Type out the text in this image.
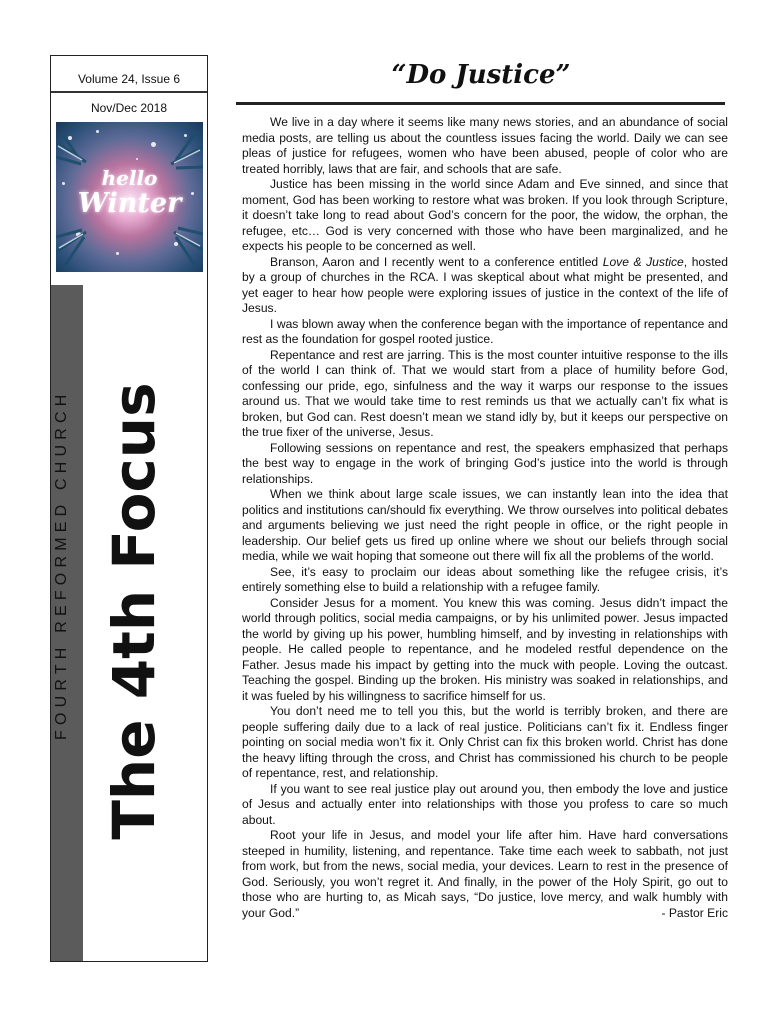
Volume 24, Issue 6
Nov/Dec 2018
hello
Winter
FOURTH REFORMED CHURCH The 4th Focus
“Do Justice”

We live in a day where it seems like many news stories, and an abundance of social media posts, are telling us about the countless issues facing the world. Daily we can see pleas of justice for refugees, women who have been abused, people of color who are treated horribly, laws that are fair, and schools that are safe.

Justice has been missing in the world since Adam and Eve sinned, and since that moment, God has been working to restore what was broken. If you look through Scripture, it doesn’t take long to read about God’s concern for the poor, the widow, the orphan, the refugee, etc… God is very concerned with those who have been marginalized, and he expects his people to be concerned as well.

Branson, Aaron and I recently went to a conference entitled Love & Justice, hosted by a group of churches in the RCA. I was skeptical about what might be presented, and yet eager to hear how people were exploring issues of justice in the context of the life of Jesus.

I was blown away when the conference began with the importance of repentance and rest as the foundation for gospel rooted justice.

Repentance and rest are jarring. This is the most counter intuitive response to the ills of the world I can think of. That we would start from a place of humility before God, confessing our pride, ego, sinfulness and the way it warps our response to the issues around us. That we would take time to rest reminds us that we actually can’t fix what is broken, but God can. Rest doesn’t mean we stand idly by, but it keeps our perspective on the true fixer of the universe, Jesus.

Following sessions on repentance and rest, the speakers emphasized that perhaps the best way to engage in the work of bringing God’s justice into the world is through relationships.

When we think about large scale issues, we can instantly lean into the idea that politics and institutions can/should fix everything. We throw ourselves into political debates and arguments believing we just need the right people in office, or the right people in leadership. Our belief gets us fired up online where we shout our beliefs through social media, while we wait hoping that someone out there will fix all the problems of the world.

See, it’s easy to proclaim our ideas about something like the refugee crisis, it’s entirely something else to build a relationship with a refugee family.

Consider Jesus for a moment. You knew this was coming. Jesus didn’t impact the world through politics, social media campaigns, or by his unlimited power. Jesus impacted the world by giving up his power, humbling himself, and by investing in relationships with people. He called people to repentance, and he modeled restful dependence on the Father. Jesus made his impact by getting into the muck with people. Loving the outcast. Teaching the gospel. Binding up the broken. His ministry was soaked in relationships, and it was fueled by his willingness to sacrifice himself for us.

You don’t need me to tell you this, but the world is terribly broken, and there are people suffering daily due to a lack of real justice. Politicians can’t fix it. Endless finger pointing on social media won’t fix it. Only Christ can fix this broken world. Christ has done the heavy lifting through the cross, and Christ has commissioned his church to be people of repentance, rest, and relationship.

If you want to see real justice play out around you, then embody the love and justice of Jesus and actually enter into relationships with those you profess to care so much about.

Root your life in Jesus, and model your life after him. Have hard conversations steeped in humility, listening, and repentance. Take time each week to sabbath, not just from work, but from the news, social media, your devices. Learn to rest in the presence of God. Seriously, you won’t regret it. And finally, in the power of the Holy Spirit, go out to those who are hurting to, as Micah says, “Do justice, love mercy, and walk humbly with your God.”	- Pastor Eric
